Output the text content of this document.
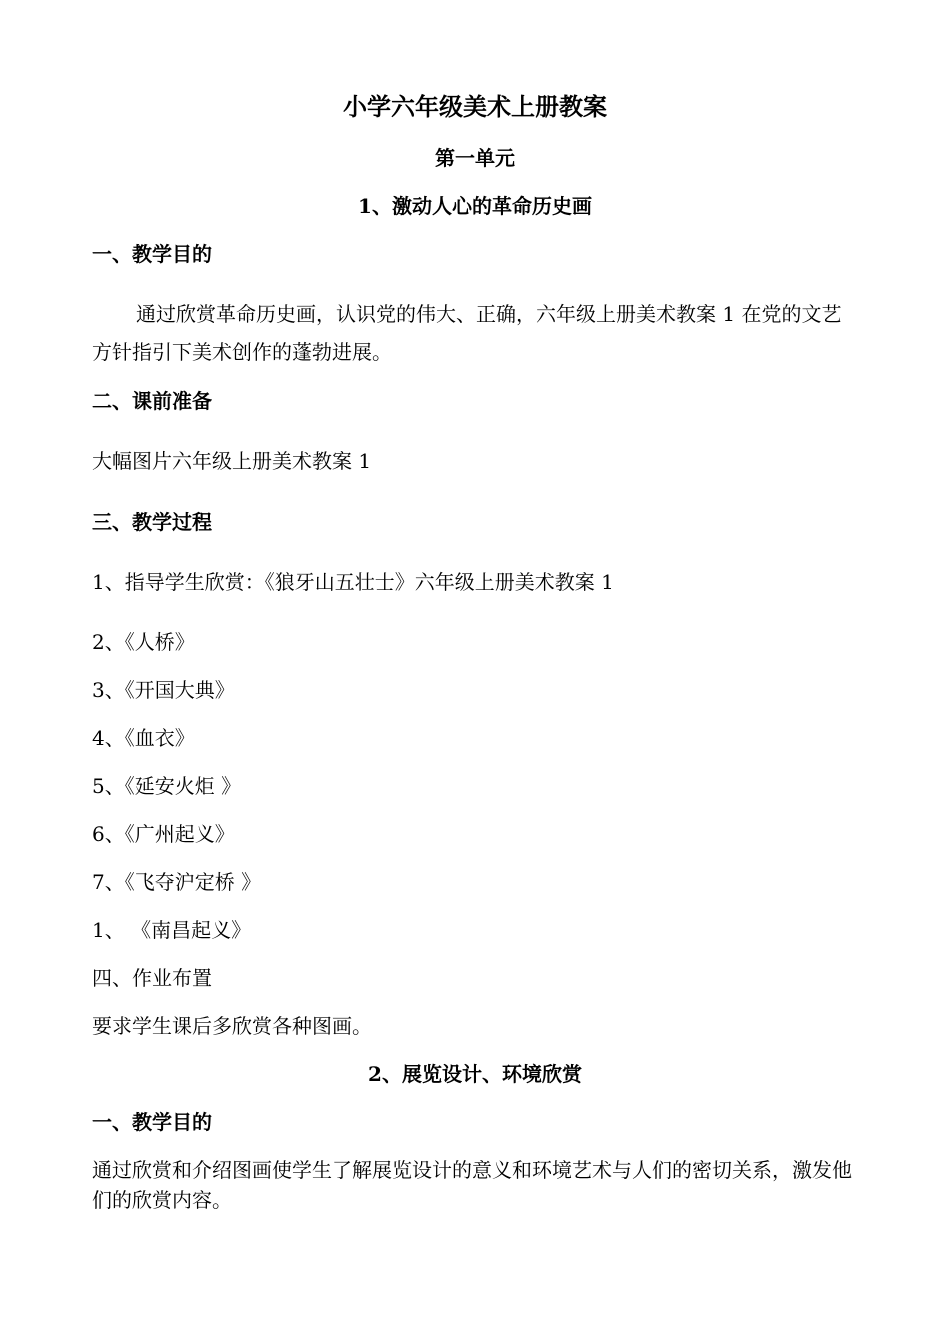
小学六年级美术上册教案
第一单元
1、激动人心的革命历史画
一、教学目的
通过欣赏革命历史画，认识党的伟大、正确，六年级上册美术教案 1 在党的文艺方针指引下美术创作的蓬勃进展。
二、课前准备
大幅图片六年级上册美术教案 1
三、教学过程
1、指导学生欣赏：《狼牙山五壮士》六年级上册美术教案 1
2、《人桥》
3、《开国大典》
4、《血衣》
5、《延安火炬 》
6、《广州起义》
7、《飞夺沪定桥 》
1、 《南昌起义》
四、作业布置
要求学生课后多欣赏各种图画。
2、展览设计、环境欣赏
一、教学目的
通过欣赏和介绍图画使学生了解展览设计的意义和环境艺术与人们的密切关系，激发他们的欣赏内容。
